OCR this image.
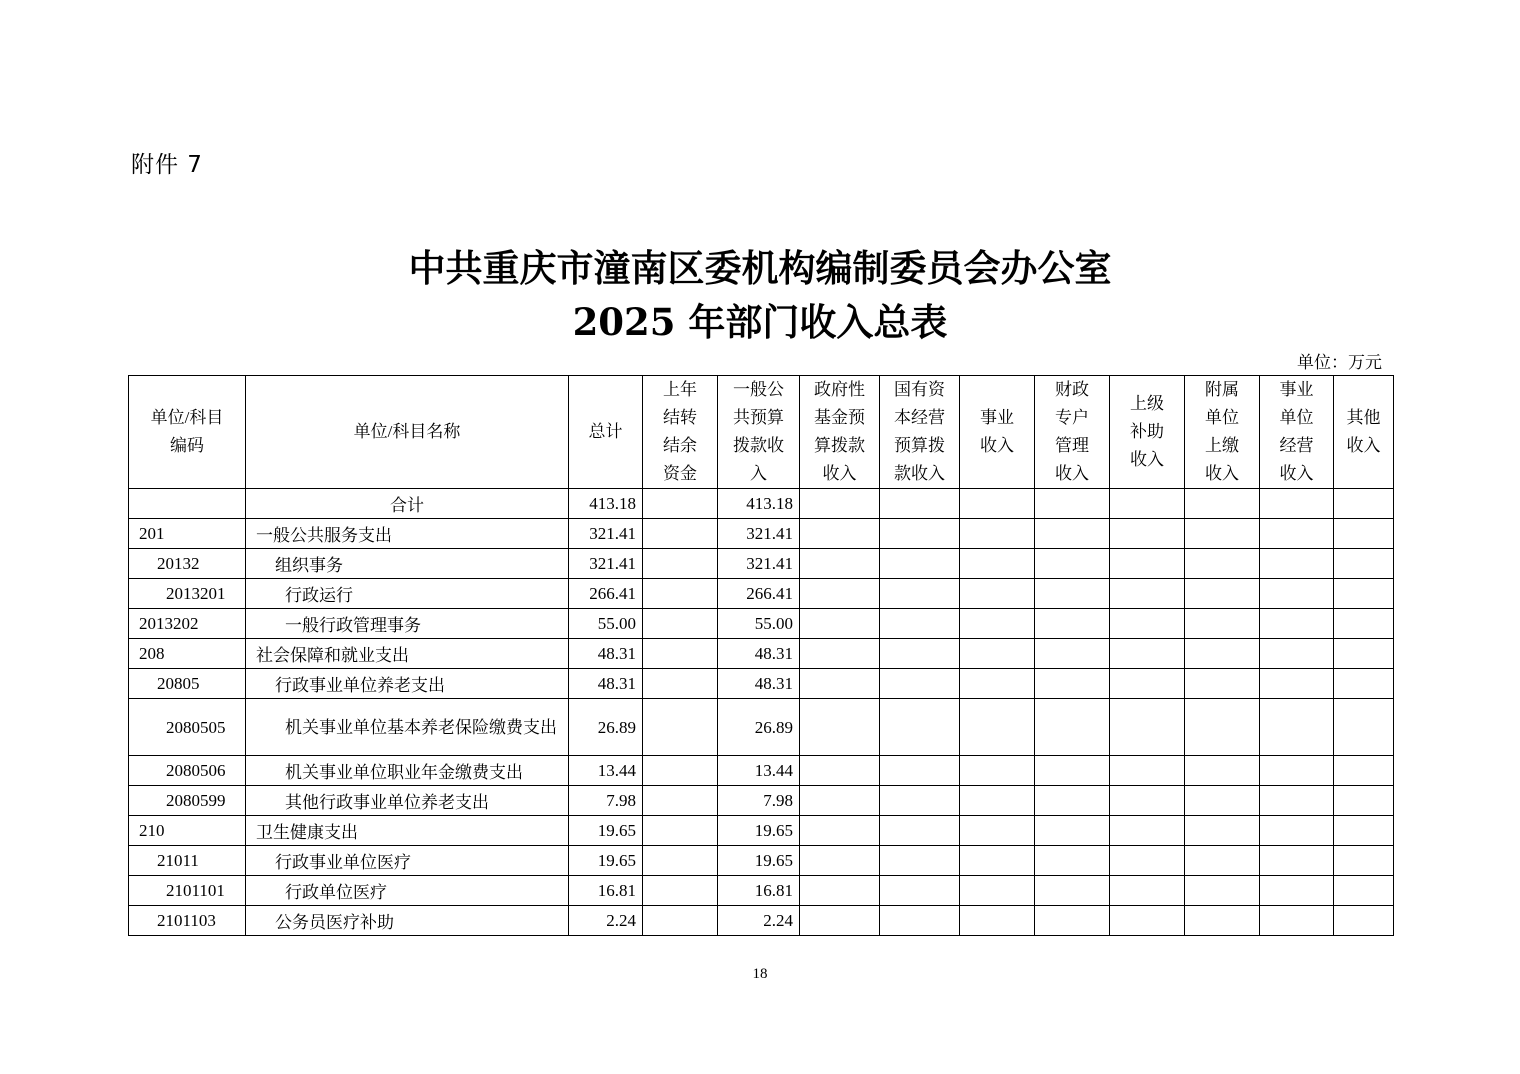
附件 7
中共重庆市潼南区委机构编制委员会办公室
2025 年部门收入总表
单位：万元
单位/科目编码	单位/科目名称	总计	上年结转结余资金	一般公共预算拨款收入	政府性基金预算拨款收入	国有资本经营预算拨款收入	事业收入	财政专户管理收入	上级补助收入	附属单位上缴收入	事业单位经营收入	其他收入
	合计	413.18		413.18								
201	一般公共服务支出	321.41		321.41								
20132	组织事务	321.41		321.41								
2013201	行政运行	266.41		266.41								
2013202	一般行政管理事务	55.00		55.00								
208	社会保障和就业支出	48.31		48.31								
20805	行政事业单位养老支出	48.31		48.31								
2080505	机关事业单位基本养老保险缴费支出	26.89		26.89								
2080506	机关事业单位职业年金缴费支出	13.44		13.44								
2080599	其他行政事业单位养老支出	7.98		7.98								
210	卫生健康支出	19.65		19.65								
21011	行政事业单位医疗	19.65		19.65								
2101101	行政单位医疗	16.81		16.81								
2101103	公务员医疗补助	2.24		2.24								
18
